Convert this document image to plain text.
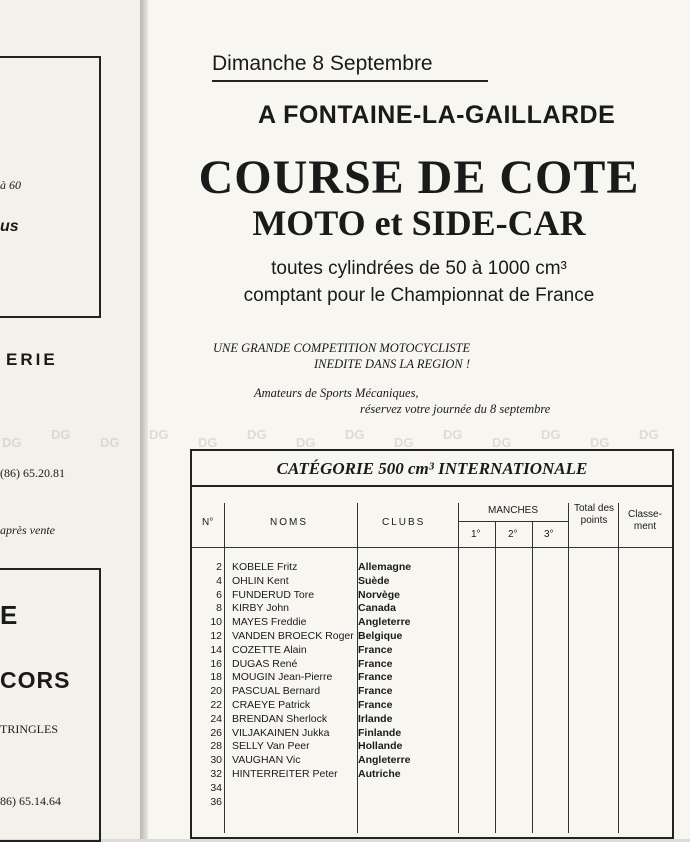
à 60
us
ERIE
(86) 65.20.81
après vente
E
CORS
TRINGLES
86) 65.14.64
Dimanche 8 Septembre
A FONTAINE-LA-GAILLARDE
COURSE DE COTE
MOTO et SIDE-CAR
toutes cylindrées de 50 à 1000 cm³
comptant pour le Championnat de France
UNE GRANDE COMPETITION MOTOCYCLISTE
INEDITE DANS LA REGION !
Amateurs de Sports Mécaniques,
réservez votre journée du 8 septembre
CATÉGORIE 500 cm³ INTERNATIONALE
N°	NOMS	CLUBS
MANCHES
1°	2°	3°
Total des points
Classe-ment
2 KOBELE Fritz	Allemagne
4 OHLIN Kent	Suède
6 FUNDERUD Tore	Norvège
8 KIRBY John	Canada
10 MAYES Freddie	Angleterre
12 VANDEN BROECK Roger Belgique
14 COZETTE Alain	France
16 DUGAS René	France
18 MOUGIN Jean-Pierre France
20 PASCUAL Bernard	France
22 CRAEYE Patrick	France
24 BRENDAN Sherlock	Irlande
26 VILJAKAINEN Jukka	Finlande
28 SELLY Van Peer	Hollande
30 VAUGHAN Vic	Angleterre
32 HINTERREITER Peter Autriche
34
36
DG
DG
DG
DG
DG
DG
DG
DG
DG
DG
DG
DG
DG
DG
